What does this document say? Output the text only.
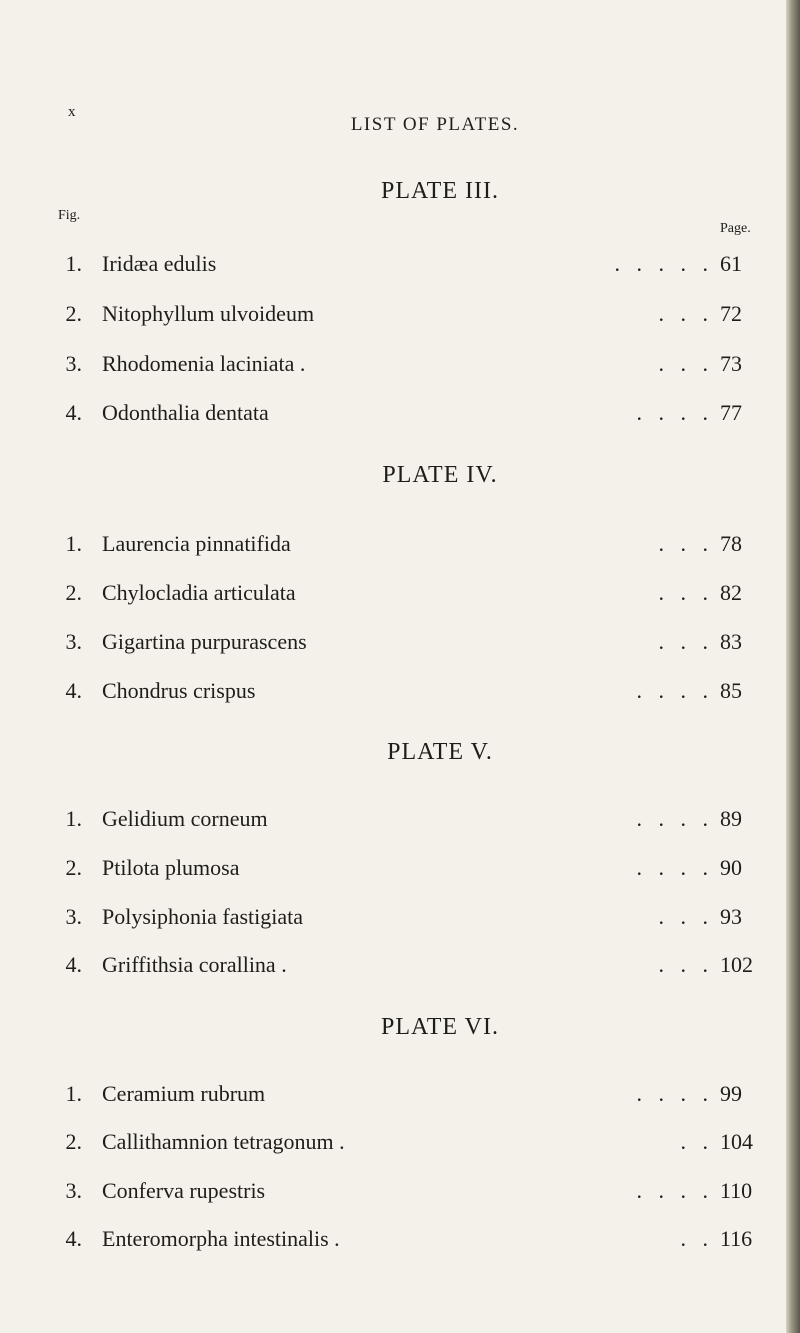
x
LIST OF PLATES.
Fig.
Page.
PLATE III.
1. Iridæa edulis	.   .   .   .   . 61
2. Nitophyllum ulvoideum	.   .   . 72
3. Rhodomenia laciniata .	.   .   . 73
4. Odonthalia dentata	.   .   .   . 77
PLATE IV.
1. Laurencia pinnatifida	.   .   . 78
2. Chylocladia articulata	.   .   . 82
3. Gigartina purpurascens	.   .   . 83
4. Chondrus crispus	.   .   .   . 85
PLATE V.
1. Gelidium corneum	.   .   .   . 89
2. Ptilota plumosa	.   .   .   . 90
3. Polysiphonia fastigiata	.   .   . 93
4. Griffithsia corallina .	.   .   . 102
PLATE VI.
1. Ceramium rubrum	.   .   .   . 99
2. Callithamnion tetragonum .	.   . 104
3. Conferva rupestris	.   .   .   . 110
4. Enteromorpha intestinalis .	.   . 116
